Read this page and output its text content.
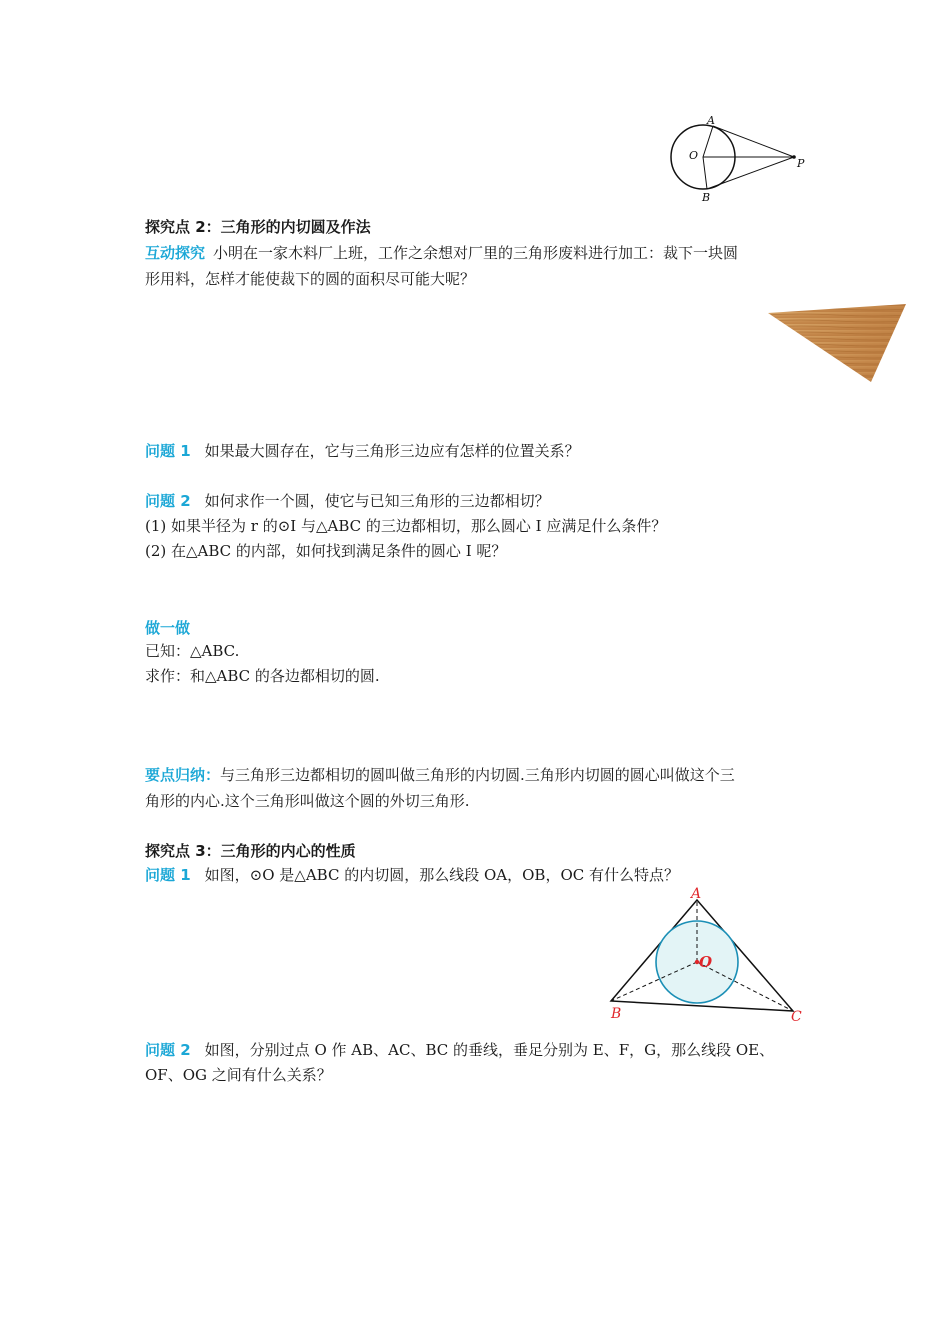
A
O
P
B
探究点 2：三角形的内切圆及作法
互动探究 小明在一家木料厂上班，工作之余想对厂里的三角形废料进行加工：裁下一块圆
形用料，怎样才能使裁下的圆的面积尽可能大呢？
问题 1 如果最大圆存在，它与三角形三边应有怎样的位置关系？
问题 2 如何求作一个圆，使它与已知三角形的三边都相切？
(1) 如果半径为 r 的⊙I 与△ABC 的三边都相切，那么圆心 I 应满足什么条件？
(2) 在△ABC 的内部，如何找到满足条件的圆心 I 呢？
做一做
已知：△ABC.
求作：和△ABC 的各边都相切的圆.
要点归纳：与三角形三边都相切的圆叫做三角形的内切圆.三角形内切圆的圆心叫做这个三
角形的内心.这个三角形叫做这个圆的外切三角形.
探究点 3：三角形的内心的性质
问题 1 如图，⊙O 是△ABC 的内切圆，那么线段 OA，OB，OC 有什么特点？
A
O
B	C
问题 2 如图，分别过点 O 作 AB、AC、BC 的垂线，垂足分别为 E、F，G，那么线段 OE、
OF、OG 之间有什么关系？
